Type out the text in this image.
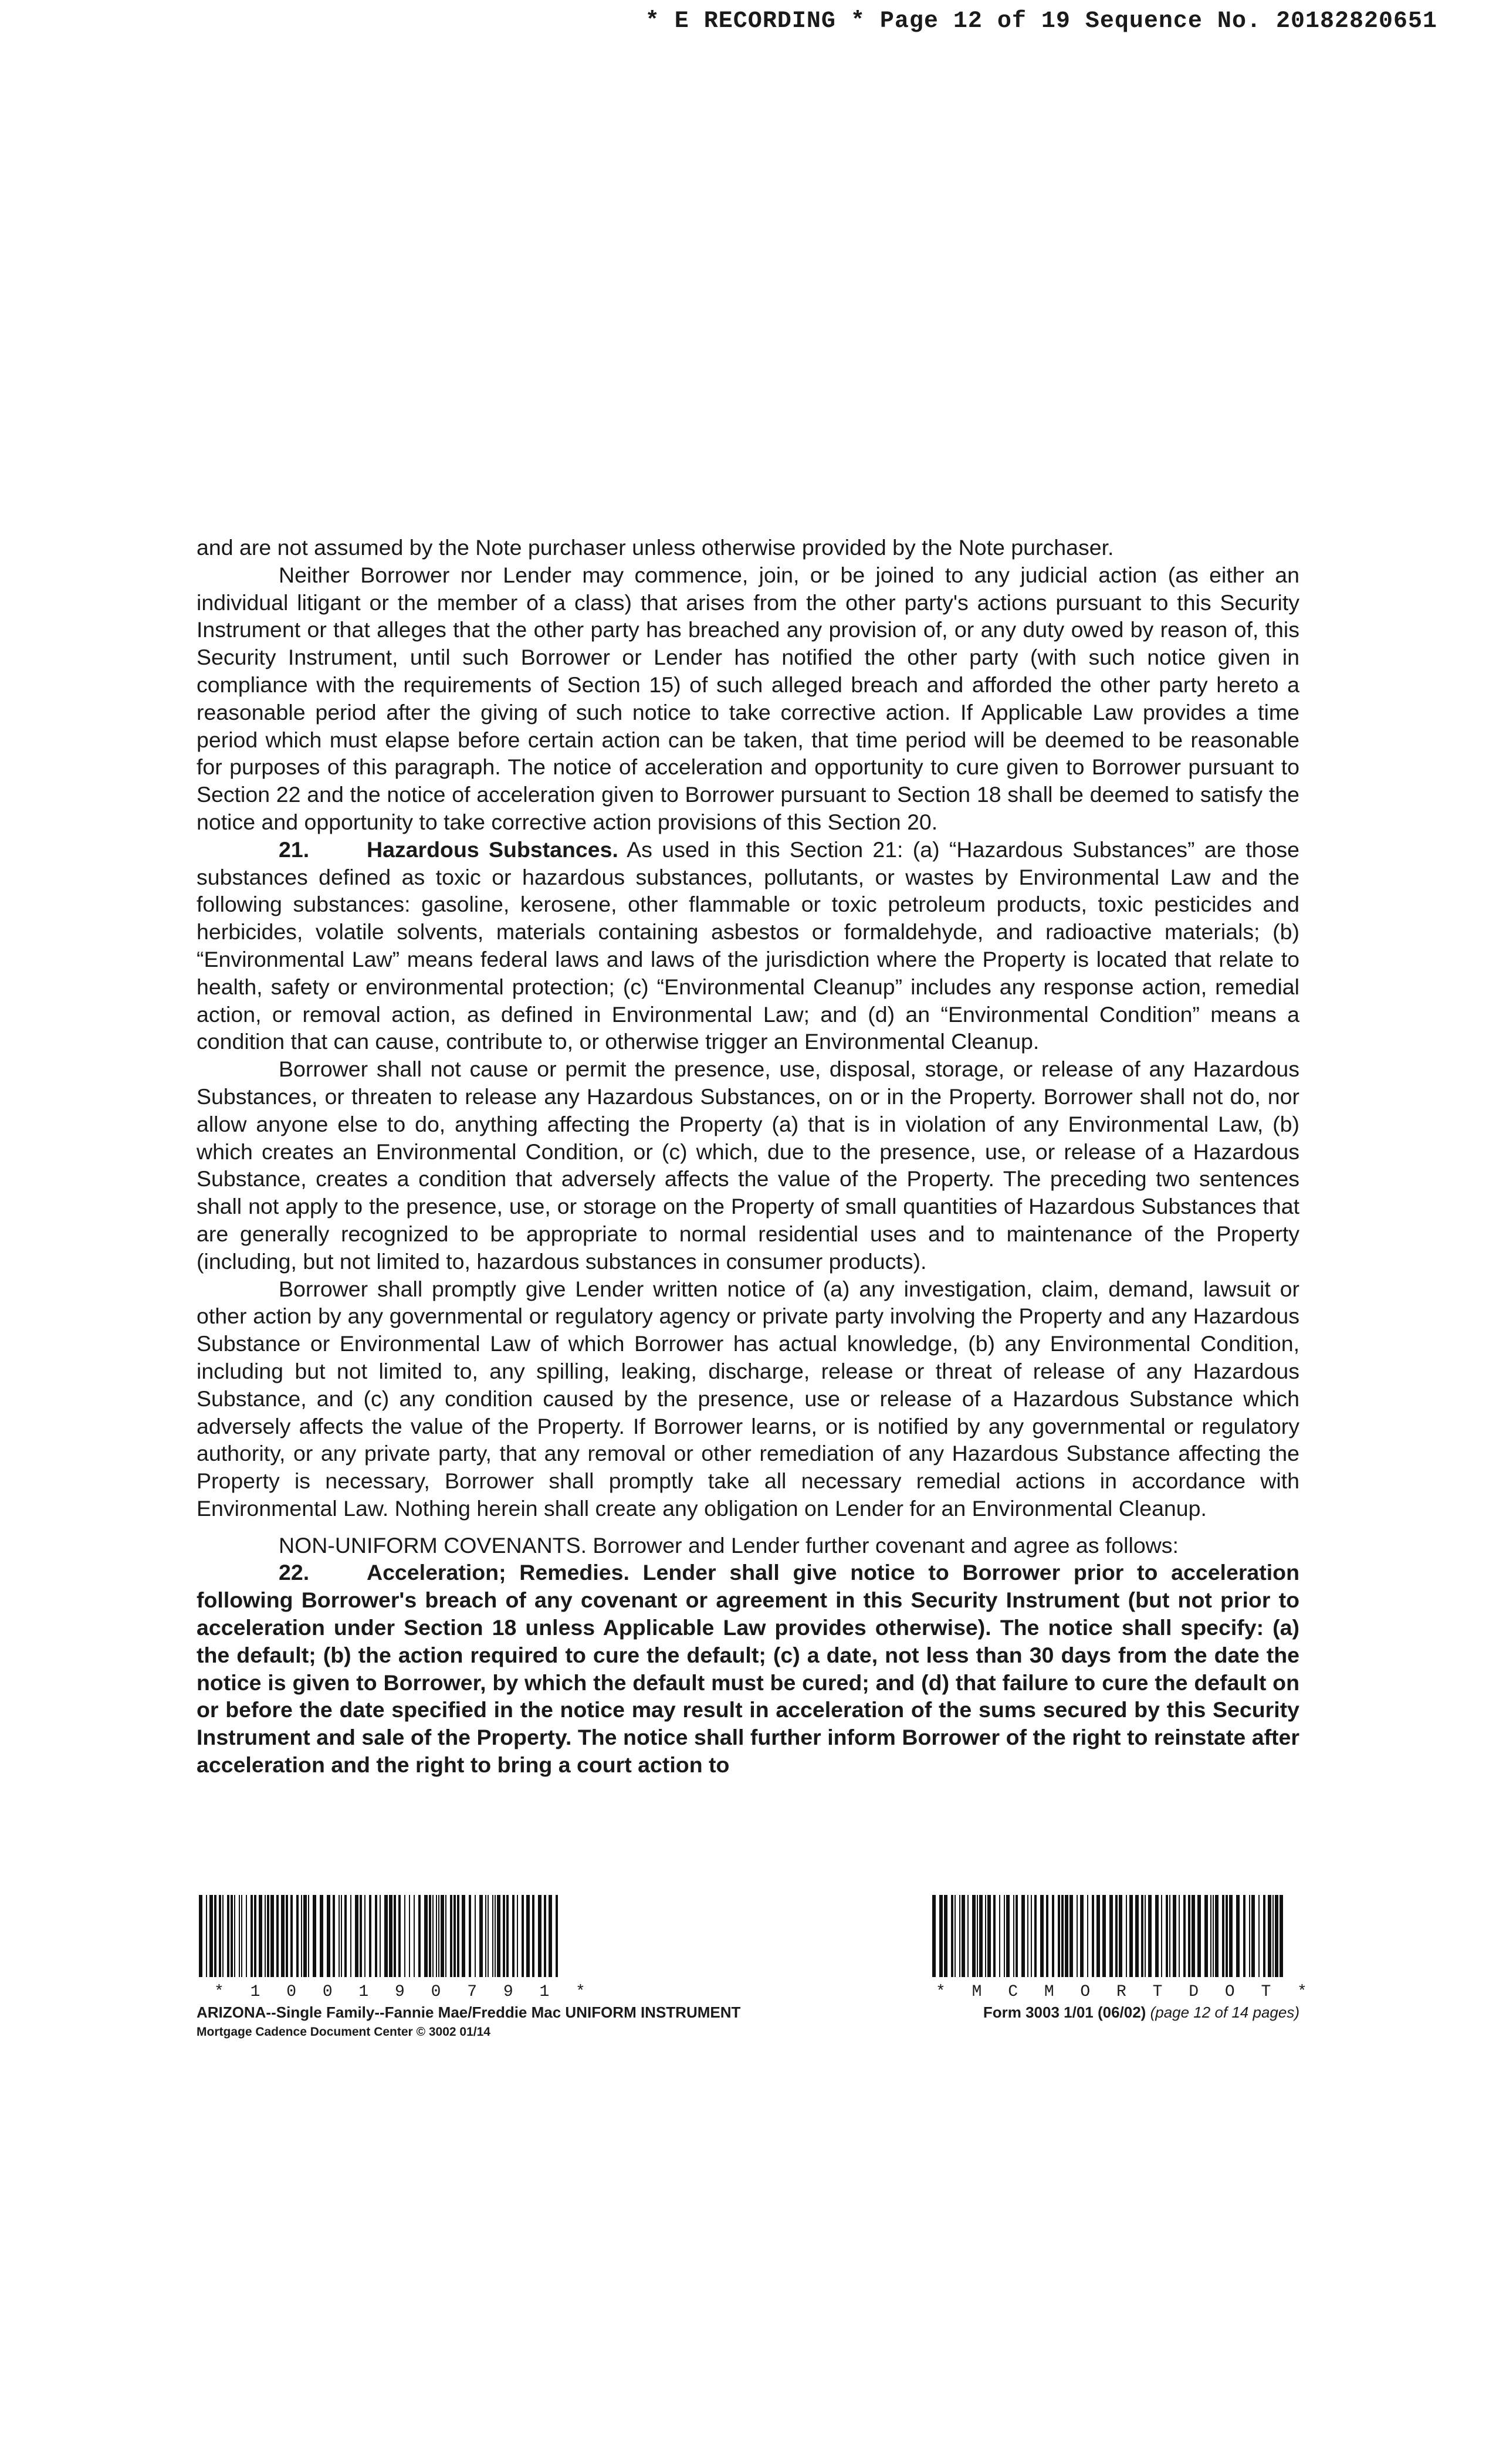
* E RECORDING * Page 12 of 19 Sequence No. 20182820651

and are not assumed by the Note purchaser unless otherwise provided by the Note purchaser.

Neither Borrower nor Lender may commence, join, or be joined to any judicial action (as either an individual litigant or the member of a class) that arises from the other party's actions pursuant to this Security Instrument or that alleges that the other party has breached any provision of, or any duty owed by reason of, this Security Instrument, until such Borrower or Lender has notified the other party (with such notice given in compliance with the requirements of Section 15) of such alleged breach and afforded the other party hereto a reasonable period after the giving of such notice to take corrective action. If Applicable Law provides a time period which must elapse before certain action can be taken, that time period will be deemed to be reasonable for purposes of this paragraph. The notice of acceleration and opportunity to cure given to Borrower pursuant to Section 22 and the notice of acceleration given to Borrower pursuant to Section 18 shall be deemed to satisfy the notice and opportunity to take corrective action provisions of this Section 20.

21.	Hazardous Substances. As used in this Section 21: (a) “Hazardous Substances” are those substances defined as toxic or hazardous substances, pollutants, or wastes by Environmental Law and the following substances: gasoline, kerosene, other flammable or toxic petroleum products, toxic pesticides and herbicides, volatile solvents, materials containing asbestos or formaldehyde, and radioactive materials; (b) “Environmental Law” means federal laws and laws of the jurisdiction where the Property is located that relate to health, safety or environmental protection; (c) “Environmental Cleanup” includes any response action, remedial action, or removal action, as defined in Environmental Law; and (d) an “Environmental Condition” means a condition that can cause, contribute to, or otherwise trigger an Environmental Cleanup.

Borrower shall not cause or permit the presence, use, disposal, storage, or release of any Hazardous Substances, or threaten to release any Hazardous Substances, on or in the Property. Borrower shall not do, nor allow anyone else to do, anything affecting the Property (a) that is in violation of any Environmental Law, (b) which creates an Environmental Condition, or (c) which, due to the presence, use, or release of a Hazardous Substance, creates a condition that adversely affects the value of the Property. The preceding two sentences shall not apply to the presence, use, or storage on the Property of small quantities of Hazardous Substances that are generally recognized to be appropriate to normal residential uses and to maintenance of the Property (including, but not limited to, hazardous substances in consumer products).

Borrower shall promptly give Lender written notice of (a) any investigation, claim, demand, lawsuit or other action by any governmental or regulatory agency or private party involving the Property and any Hazardous Substance or Environmental Law of which Borrower has actual knowledge, (b) any Environmental Condition, including but not limited to, any spilling, leaking, discharge, release or threat of release of any Hazardous Substance, and (c) any condition caused by the presence, use or release of a Hazardous Substance which adversely affects the value of the Property. If Borrower learns, or is notified by any governmental or regulatory authority, or any private party, that any removal or other remediation of any Hazardous Substance affecting the Property is necessary, Borrower shall promptly take all necessary remedial actions in accordance with Environmental Law. Nothing herein shall create any obligation on Lender for an Environmental Cleanup.

NON-UNIFORM COVENANTS. Borrower and Lender further covenant and agree as follows:

22.	Acceleration; Remedies. Lender shall give notice to Borrower prior to acceleration following Borrower's breach of any covenant or agreement in this Security Instrument (but not prior to acceleration under Section 18 unless Applicable Law provides otherwise). The notice shall specify: (a) the default; (b) the action required to cure the default; (c) a date, not less than 30 days from the date the notice is given to Borrower, by which the default must be cured; and (d) that failure to cure the default on or before the date specified in the notice may result in acceleration of the sums secured by this Security Instrument and sale of the Property. The notice shall further inform Borrower of the right to reinstate after acceleration and the right to bring a court action to

* 1 0 0 1 9 0 7 9 1 *	* M C M O R T D O T *
ARIZONA--Single Family--Fannie Mae/Freddie Mac UNIFORM INSTRUMENT
Mortgage Cadence Document Center © 3002 01/14
Form 3003 1/01 (06/02) (page 12 of 14 pages)
